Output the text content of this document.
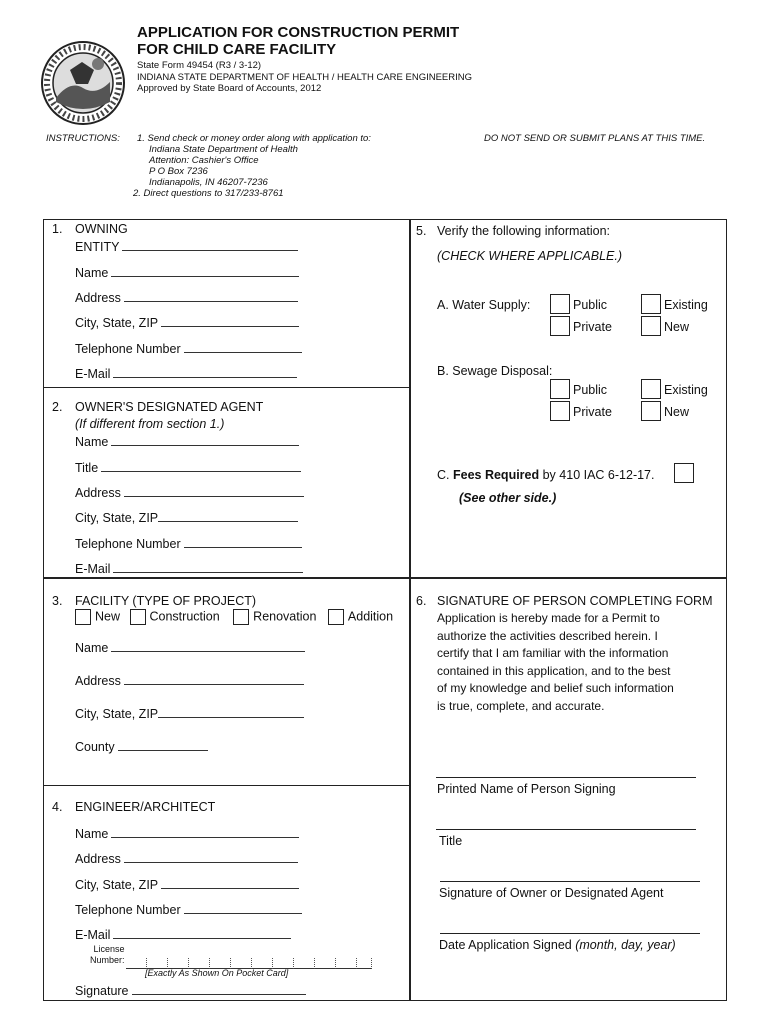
APPLICATION FOR CONSTRUCTION PERMIT
FOR CHILD CARE FACILITY
State Form 49454 (R3 / 3-12)
INDIANA STATE DEPARTMENT OF HEALTH / HEALTH CARE ENGINEERING
Approved by State Board of Accounts, 2012
INSTRUCTIONS: 1. Send check or money order along with application to:
Indiana State Department of Health
Attention: Cashier's Office
P O Box 7236
Indianapolis, IN 46207-7236
2. Direct questions to 317/233-8761
DO NOT SEND OR SUBMIT PLANS AT THIS TIME.
1. OWNING
ENTITY
Name
Address
City, State, ZIP
Telephone Number
E-Mail
2. OWNER'S DESIGNATED AGENT
(If different from section 1.)
Name
Title
Address
City, State, ZIP
Telephone Number
E-Mail
3. FACILITY (TYPE OF PROJECT)
New Construction	Renovation	Addition
Name
Address
City, State, ZIP
County
4. ENGINEER/ARCHITECT
Name
Address
City, State, ZIP
Telephone Number
E-Mail
License
Number:
[Exactly As Shown On Pocket Card]
Signature
5. Verify the following information:
(CHECK WHERE APPLICABLE.)
A. Water Supply:	Public	Existing
Private	New
B. Sewage Disposal:
Public	Existing
Private	New
C. Fees Required by 410 IAC 6-12-17.
(See other side.)
6. SIGNATURE OF PERSON COMPLETING FORM
Application is hereby made for a Permit to
authorize the activities described herein. I
certify that I am familiar with the information
contained in this application, and to the best
of my knowledge and belief such information
is true, complete, and accurate.
Printed Name of Person Signing
Title
Signature of Owner or Designated Agent
Date Application Signed (month, day, year)
